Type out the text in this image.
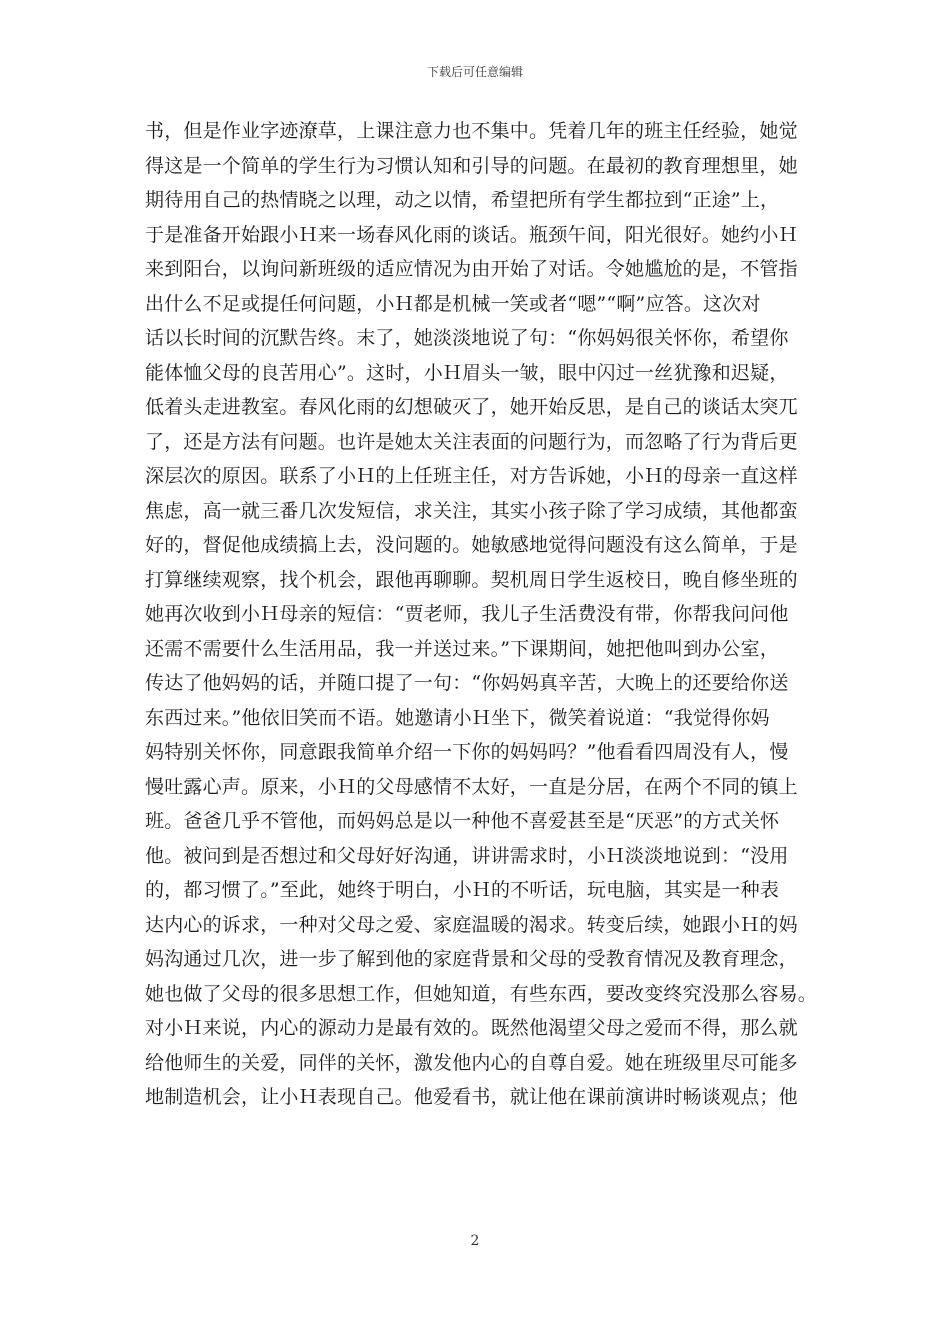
下载后可任意编辑
书，但是作业字迹潦草，上课注意力也不集中。凭着几年的班主任经验，她觉
得这是一个简单的学生行为习惯认知和引导的问题。在最初的教育理想里，她
期待用自己的热情晓之以理，动之以情，希望把所有学生都拉到“正途”上，
于是准备开始跟小Ｈ来一场春风化雨的谈话。瓶颈午间，阳光很好。她约小Ｈ
来到阳台，以询问新班级的适应情况为由开始了对话。令她尴尬的是，不管指
出什么不足或提任何问题，小Ｈ都是机械一笑或者“嗯”“啊”应答。这次对
话以长时间的沉默告终。末了，她淡淡地说了句：“你妈妈很关怀你，希望你
能体恤父母的良苦用心”。这时，小Ｈ眉头一皱，眼中闪过一丝犹豫和迟疑，
低着头走进教室。春风化雨的幻想破灭了，她开始反思，是自己的谈话太突兀
了，还是方法有问题。也许是她太关注表面的问题行为，而忽略了行为背后更
深层次的原因。联系了小Ｈ的上任班主任，对方告诉她，小Ｈ的母亲一直这样
焦虑，高一就三番几次发短信，求关注，其实小孩子除了学习成绩，其他都蛮
好的，督促他成绩搞上去，没问题的。她敏感地觉得问题没有这么简单，于是
打算继续观察，找个机会，跟他再聊聊。契机周日学生返校日，晚自修坐班的
她再次收到小Ｈ母亲的短信：“贾老师，我儿子生活费没有带，你帮我问问他
还需不需要什么生活用品，我一并送过来。”下课期间，她把他叫到办公室，
传达了他妈妈的话，并随口提了一句：“你妈妈真辛苦，大晚上的还要给你送
东西过来。”他依旧笑而不语。她邀请小Ｈ坐下，微笑着说道：“我觉得你妈
妈特别关怀你，同意跟我简单介绍一下你的妈妈吗？”他看看四周没有人，慢
慢吐露心声。原来，小Ｈ的父母感情不太好，一直是分居，在两个不同的镇上
班。爸爸几乎不管他，而妈妈总是以一种他不喜爱甚至是“厌恶”的方式关怀
他。被问到是否想过和父母好好沟通，讲讲需求时，小Ｈ淡淡地说到：“没用
的，都习惯了。”至此，她终于明白，小Ｈ的不听话，玩电脑，其实是一种表
达内心的诉求，一种对父母之爱、家庭温暖的渴求。转变后续，她跟小Ｈ的妈
妈沟通过几次，进一步了解到他的家庭背景和父母的受教育情况及教育理念，
她也做了父母的很多思想工作，但她知道，有些东西，要改变终究没那么容易。
对小Ｈ来说，内心的源动力是最有效的。既然他渴望父母之爱而不得，那么就
给他师生的关爱，同伴的关怀，激发他内心的自尊自爱。她在班级里尽可能多
地制造机会，让小Ｈ表现自己。他爱看书，就让他在课前演讲时畅谈观点；他
2
